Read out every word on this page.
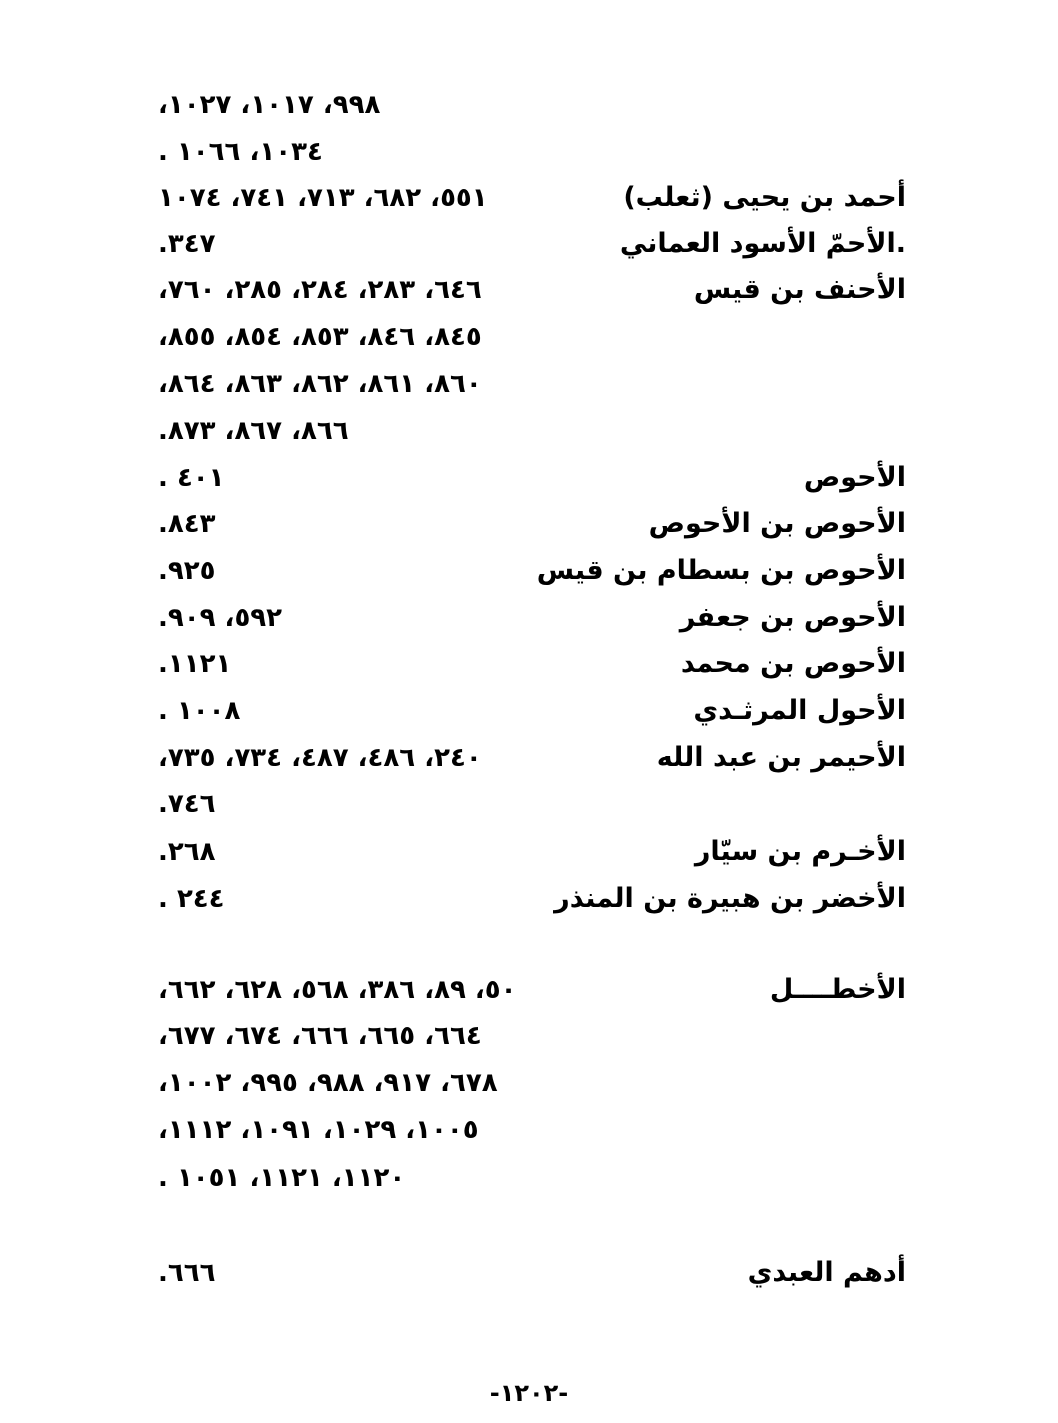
٩٩٨، ١٠١٧، ١٠٢٧،
١٠٣٤، ١٠٦٦ .
أحمد بن يحيى (ثعلب)
٥٥١، ٦٨٢، ٧١٣، ٧٤١، ١٠٧٤
.الأحمّ الأسود العماني
٣٤٧.
الأحنف بن قيس
٦٤٦، ٢٨٣، ٢٨٤، ٢٨٥، ٧٦٠،
٨٤٥، ٨٤٦، ٨٥٣، ٨٥٤، ٨٥٥،
٨٦٠، ٨٦١، ٨٦٢، ٨٦٣، ٨٦٤،
٨٦٦، ٨٦٧، ٨٧٣.
الأحوص
٤٠١ .
الأحوص بن الأحوص
٨٤٣.
الأحوص بن بسطام بن قيس
٩٢٥.
الأحوص بن جعفر
٥٩٢، ٩٠٩.
الأحوص بن محمد
١١٢١.
الأحول المرثـدي
١٠٠٨ .
الأحيمر بن عبد الله
٢٤٠، ٤٨٦، ٤٨٧، ٧٣٤، ٧٣٥،
٧٤٦.
الأخـرم بن سيّار
٢٦٨.
الأخضر بن هبيرة بن المنذر
٢٤٤ .
الأخطــــل
٥٠، ٨٩، ٣٨٦، ٥٦٨، ٦٢٨، ٦٦٢،
٦٦٤، ٦٦٥، ٦٦٦، ٦٧٤، ٦٧٧،
٦٧٨، ٩١٧، ٩٨٨، ٩٩٥، ١٠٠٢،
١٠٠٥، ١٠٢٩، ١٠٩١، ١١١٢،
١١٢٠، ١١٢١، ١٠٥١ .
أدهم العبدي
٦٦٦.
-١٢٠٢-
